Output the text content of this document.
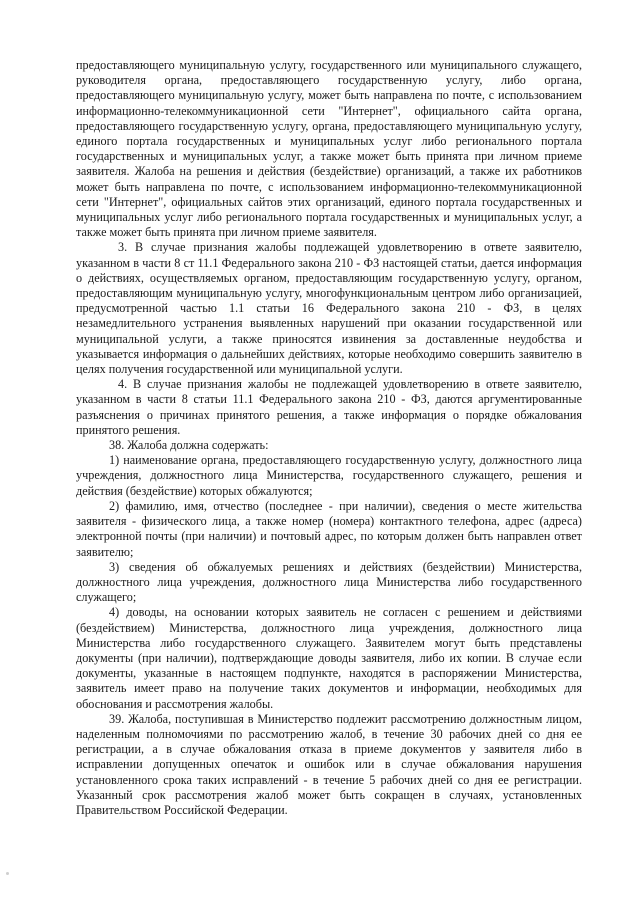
предоставляющего муниципальную услугу, государственного или муниципального служащего, руководителя органа, предоставляющего государственную услугу, либо органа, предоставляющего муниципальную услугу, может быть направлена по почте, с использованием информационно-телекоммуникационной сети "Интернет", официального сайта органа, предоставляющего государственную услугу, органа, предоставляющего муниципальную услугу, единого портала государственных и муниципальных услуг либо регионального портала государственных и муниципальных услуг, а также может быть принята при личном приеме заявителя. Жалоба на решения и действия (бездействие) организаций, а также их работников может быть направлена по почте, с использованием информационно-телекоммуникационной сети "Интернет", официальных сайтов этих организаций, единого портала государственных и муниципальных услуг либо регионального портала государственных и муниципальных услуг, а также может быть принята при личном приеме заявителя.

3. В случае признания жалобы подлежащей удовлетворению в ответе заявителю, указанном в части 8 ст 11.1 Федерального закона 210 - ФЗ настоящей статьи, дается информация о действиях, осуществляемых органом, предоставляющим государственную услугу, органом, предоставляющим муниципальную услугу, многофункциональным центром либо организацией, предусмотренной частью 1.1 статьи 16 Федерального закона 210 - ФЗ, в целях незамедлительного устранения выявленных нарушений при оказании государственной или муниципальной услуги, а также приносятся извинения за доставленные неудобства и указывается информация о дальнейших действиях, которые необходимо совершить заявителю в целях получения государственной или муниципальной услуги.

4. В случае признания жалобы не подлежащей удовлетворению в ответе заявителю, указанном в части 8 статьи 11.1 Федерального закона 210 - ФЗ, даются аргументированные разъяснения о причинах принятого решения, а также информация о порядке обжалования принятого решения.

38. Жалоба должна содержать:

1) наименование органа, предоставляющего государственную услугу, должностного лица учреждения, должностного лица Министерства, государственного служащего, решения и действия (бездействие) которых обжалуются;

2) фамилию, имя, отчество (последнее - при наличии), сведения о месте жительства заявителя - физического лица, а также номер (номера) контактного телефона, адрес (адреса) электронной почты (при наличии) и почтовый адрес, по которым должен быть направлен ответ заявителю;

3) сведения об обжалуемых решениях и действиях (бездействии) Министерства, должностного лица учреждения, должностного лица Министерства либо государственного служащего;

4) доводы, на основании которых заявитель не согласен с решением и действиями (бездействием) Министерства, должностного лица учреждения, должностного лица Министерства либо государственного служащего. Заявителем могут быть представлены документы (при наличии), подтверждающие доводы заявителя, либо их копии. В случае если документы, указанные в настоящем подпункте, находятся в распоряжении Министерства, заявитель имеет право на получение таких документов и информации, необходимых для обоснования и рассмотрения жалобы.

39. Жалоба, поступившая в Министерство подлежит рассмотрению должностным лицом, наделенным полномочиями по рассмотрению жалоб, в течение 30 рабочих дней со дня ее регистрации, а в случае обжалования отказа в приеме документов у заявителя либо в исправлении допущенных опечаток и ошибок или в случае обжалования нарушения установленного срока таких исправлений - в течение 5 рабочих дней со дня ее регистрации. Указанный срок рассмотрения жалоб может быть сокращен в случаях, установленных Правительством Российской Федерации.
